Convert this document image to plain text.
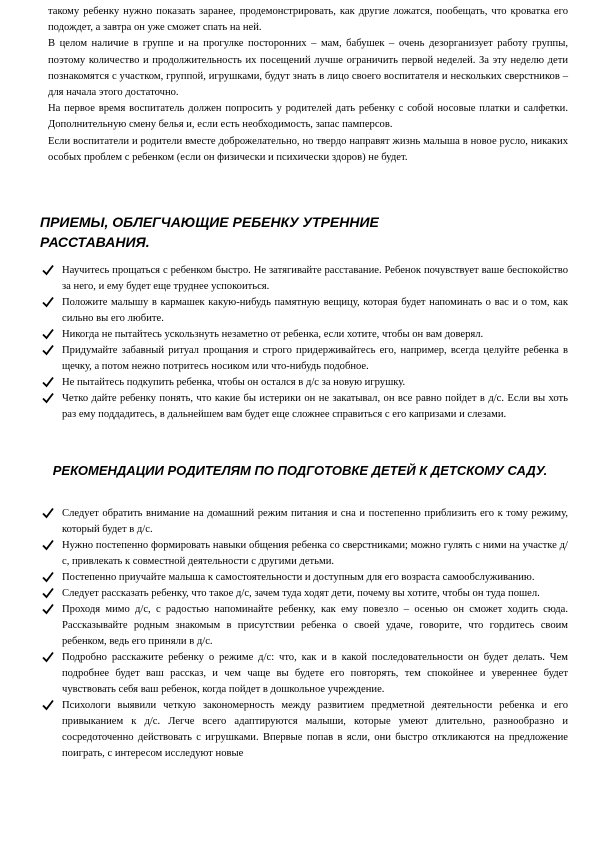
такому ребенку нужно показать заранее, продемонстрировать, как другие ложатся, пообещать, что кроватка его подождет, а завтра он уже сможет спать на ней.

В целом наличие в группе и на прогулке посторонних – мам, бабушек – очень дезорганизует работу группы, поэтому количество и продолжительность их посещений лучше ограничить первой неделей. За эту неделю дети познакомятся с участком, группой, игрушками, будут знать в лицо своего воспитателя и нескольких сверстников – для начала этого достаточно.

На первое время воспитатель должен попросить у родителей дать ребенку с собой носовые платки и салфетки. Дополнительную смену белья и, если есть необходимость, запас памперсов.

Если воспитатели и родители вместе доброжелательно, но твердо направят жизнь малыша в новое русло, никаких особых проблем с ребенком (если он физически и психически здоров) не будет.

ПРИЕМЫ, ОБЛЕГЧАЮЩИЕ РЕБЕНКУ УТРЕННИЕ РАССТАВАНИЯ.
Научитесь прощаться с ребенком быстро. Не затягивайте расставание. Ребенок почувствует ваше беспокойство за него, и ему будет еще труднее успокоиться.
Положите малышу в кармашек какую-нибудь памятную вещицу, которая будет напоминать о вас и о том, как сильно вы его любите.
Никогда не пытайтесь ускользнуть незаметно от ребенка, если хотите, чтобы он вам доверял.
Придумайте забавный ритуал прощания и строго придерживайтесь его, например, всегда целуйте ребенка в щечку, а потом нежно потритесь носиком или что-нибудь подобное.
Не пытайтесь подкупить ребенка, чтобы он остался в д/с за новую игрушку.
Четко дайте ребенку понять, что какие бы истерики он не закатывал, он все равно пойдет в д/с. Если вы хоть раз ему поддадитесь, в дальнейшем вам будет еще сложнее справиться с его капризами и слезами.
РЕКОМЕНДАЦИИ РОДИТЕЛЯМ ПО ПОДГОТОВКЕ ДЕТЕЙ К ДЕТСКОМУ САДУ.
Следует обратить внимание на домашний режим питания и сна и постепенно приблизить его к тому режиму, который будет в д/с.
Нужно постепенно формировать навыки общения ребенка со сверстниками; можно гулять с ними на участке д/с, привлекать к совместной деятельности с другими детьми.
Постепенно приучайте малыша к самостоятельности и доступным для его возраста самообслуживанию.
Следует рассказать ребенку, что такое д/с, зачем туда ходят дети, почему вы хотите, чтобы он туда пошел.
Проходя мимо д/с, с радостью напоминайте ребенку, как ему повезло – осенью он сможет ходить сюда. Рассказывайте родным знакомым в присутствии ребенка о своей удаче, говорите, что гордитесь своим ребенком, ведь его приняли в д/с.
Подробно расскажите ребенку о режиме д/с: что, как и в какой последовательности он будет делать. Чем подробнее будет ваш рассказ, и чем чаще вы будете его повторять, тем спокойнее и увереннее будет чувствовать себя ваш ребенок, когда пойдет в дошкольное учреждение.
Психологи выявили четкую закономерность между развитием предметной деятельности ребенка и его привыканием к д/с. Легче всего адаптируются малыши, которые умеют длительно, разнообразно и сосредоточенно действовать с игрушками. Впервые попав в ясли, они быстро откликаются на предложение поиграть, с интересом исследуют новые
